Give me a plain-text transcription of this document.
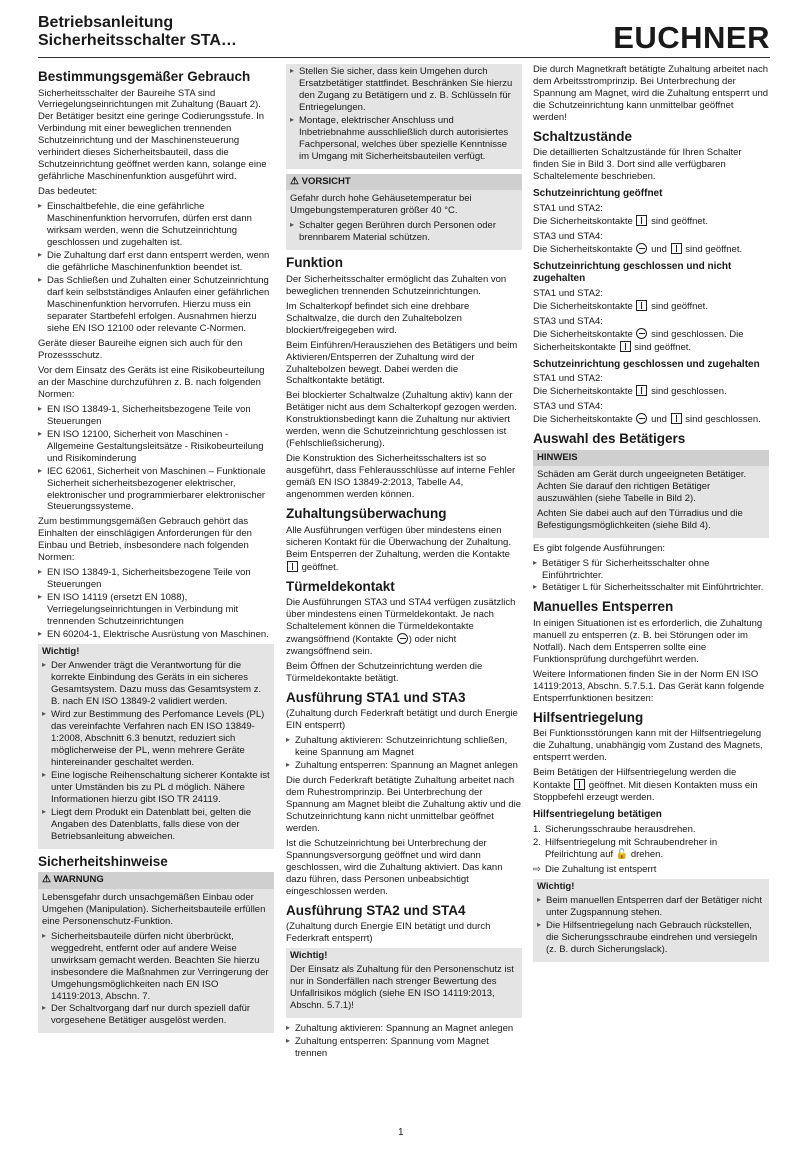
Betriebsanleitung
Sicherheitsschalter STA…	EUCHNER
Bestimmungsgemäßer Gebrauch

Sicherheitsschalter der Baureihe STA sind Verriegelungseinrichtungen mit Zuhaltung (Bauart 2). Der Betätiger besitzt eine geringe Codierungsstufe. In Verbindung mit einer beweglichen trennenden Schutzeinrichtung und der Maschinensteuerung verhindert dieses Sicherheitsbauteil, dass die Schutzeinrichtung geöffnet werden kann, solange eine gefährliche Maschinenfunktion ausgeführt wird.

Das bedeutet:

▸ Einschaltbefehle, die eine gefährliche Maschinenfunktion hervorrufen, dürfen erst dann wirksam werden, wenn die Schutzeinrichtung geschlossen und zugehalten ist.
▸ Die Zuhaltung darf erst dann entsperrt werden, wenn die gefährliche Maschinenfunktion beendet ist.
▸ Das Schließen und Zuhalten einer Schutzeinrichtung darf kein selbstständiges Anlaufen einer gefährlichen Maschinenfunktion hervorrufen. Hierzu muss ein separater Startbefehl erfolgen. Ausnahmen hierzu siehe EN ISO 12100 oder relevante C-Normen.

Geräte dieser Baureihe eignen sich auch für den Prozessschutz.

Vor dem Einsatz des Geräts ist eine Risikobeurteilung an der Maschine durchzuführen z. B. nach folgenden Normen:

▸ EN ISO 13849-1, Sicherheitsbezogene Teile von Steuerungen
▸ EN ISO 12100, Sicherheit von Maschinen - Allgemeine Gestaltungsleitsätze - Risikobeurteilung und Risikominderung
▸ IEC 62061, Sicherheit von Maschinen – Funktionale Sicherheit sicherheitsbezogener elektrischer, elektronischer und programmierbarer elektronischer Steuerungssysteme.

Zum bestimmungsgemäßen Gebrauch gehört das Einhalten der einschlägigen Anforderungen für den Einbau und Betrieb, insbesondere nach folgenden Normen:

▸ EN ISO 13849-1, Sicherheitsbezogene Teile von Steuerungen
▸ EN ISO 14119 (ersetzt EN 1088), Verriegelungseinrichtungen in Verbindung mit trennenden Schutzeinrichtungen
▸ EN 60204-1, Elektrische Ausrüstung von Maschinen.
Wichtig!
▸ Der Anwender trägt die Verantwortung für die korrekte Einbindung des Geräts in ein sicheres Gesamtsystem. Dazu muss das Gesamtsystem z. B. nach EN ISO 13849-2 validiert werden.
▸ Wird zur Bestimmung des Perfomance Levels (PL) das vereinfachte Verfahren nach EN ISO 13849-1:2008, Abschnitt 6.3 benutzt, reduziert sich möglicherweise der PL, wenn mehrere Geräte hintereinander geschaltet werden.
▸ Eine logische Reihenschaltung sicherer Kontakte ist unter Umständen bis zu PL d möglich. Nähere Informationen hierzu gibt ISO TR 24119.
▸ Liegt dem Produkt ein Datenblatt bei, gelten die Angaben des Datenblatts, falls diese von der Betriebsanleitung abweichen.
Sicherheitshinweise
⚠ WARNUNG

Lebensgefahr durch unsachgemäßen Einbau oder Umgehen (Manipulation). Sicherheitsbauteile erfüllen eine Personenschutz-Funktion.

▸ Sicherheitsbauteile dürfen nicht überbrückt, weggedreht, entfernt oder auf andere Weise unwirksam gemacht werden. Beachten Sie hierzu insbesondere die Maßnahmen zur Verringerung der Umgehungsmöglichkeiten nach EN ISO 14119:2013, Abschn. 7.
▸ Der Schaltvorgang darf nur durch speziell dafür vorgesehene Betätiger ausgelöst werden.
▸ Stellen Sie sicher, dass kein Umgehen durch Ersatzbetätiger stattfindet. Beschränken Sie hierzu den Zugang zu Betätigern und z. B. Schlüsseln für Entriegelungen.
▸ Montage, elektrischer Anschluss und Inbetriebnahme ausschließlich durch autorisiertes Fachpersonal, welches über spezielle Kenntnisse im Umgang mit Sicherheitsbauteilen verfügt.
⚠ VORSICHT

Gefahr durch hohe Gehäusetemperatur bei Umgebungstemperaturen größer 40 °C.

▸ Schalter gegen Berühren durch Personen oder brennbarem Material schützen.
Funktion

Der Sicherheitsschalter ermöglicht das Zuhalten von beweglichen trennenden Schutzeinrichtungen.

Im Schalterkopf befindet sich eine drehbare Schaltwalze, die durch den Zuhaltebolzen blockiert/freigegeben wird.

Beim Einführen/Herausziehen des Betätigers und beim Aktivieren/Entsperren der Zuhaltung wird der Zuhaltebolzen bewegt. Dabei werden die Schaltkontakte betätigt.

Bei blockierter Schaltwalze (Zuhaltung aktiv) kann der Betätiger nicht aus dem Schalterkopf gezogen werden. Konstruktionsbedingt kann die Zuhaltung nur aktiviert werden, wenn die Schutzeinrichtung geschlossen ist (Fehlschließsicherung).

Die Konstruktion des Sicherheitsschalters ist so ausgeführt, dass Fehlerausschlüsse auf interne Fehler gemäß EN ISO 13849-2:2013, Tabelle A4, angenommen werden können.

Zuhaltungsüberwachung

Alle Ausführungen verfügen über mindestens einen sicheren Kontakt für die Überwachung der Zuhaltung. Beim Entsperren der Zuhaltung, werden die Kontakte  geöffnet.

Türmeldekontakt

Die Ausführungen STA3 und STA4 verfügen zusätzlich über mindestens einen Türmeldekontakt. Je nach Schaltelement können die Türmeldekontakte zwangsöffnend (Kontakte ) oder nicht zwangsöffnend sein.

Beim Öffnen der Schutzeinrichtung werden die Türmeldekontakte betätigt.

Ausführung STA1 und STA3

(Zuhaltung durch Federkraft betätigt und durch Energie EIN entsperrt)

▸ Zuhaltung aktivieren: Schutzeinrichtung schließen, keine Spannung am Magnet
▸ Zuhaltung entsperren: Spannung an Magnet anlegen

Die durch Federkraft betätigte Zuhaltung arbeitet nach dem Ruhestromprinzip. Bei Unterbrechung der Spannung am Magnet bleibt die Zuhaltung aktiv und die Schutzeinrichtung kann nicht unmittelbar geöffnet werden.

Ist die Schutzeinrichtung bei Unterbrechung der Spannungsversorgung geöffnet und wird dann geschlossen, wird die Zuhaltung aktiviert. Das kann dazu führen, dass Personen unbeabsichtigt eingeschlossen werden.

Ausführung STA2 und STA4

(Zuhaltung durch Energie EIN betätigt und durch Federkraft entsperrt)

Wichtig!

Der Einsatz als Zuhaltung für den Personenschutz ist nur in Sonderfällen nach strenger Bewertung des Unfallrisikos möglich (siehe EN ISO 14119:2013, Abschn. 5.7.1)!

▸ Zuhaltung aktivieren: Spannung an Magnet anlegen
▸ Zuhaltung entsperren: Spannung vom Magnet trennen

Die durch Magnetkraft betätigte Zuhaltung arbeitet nach dem Arbeitsstromprinzip. Bei Unterbrechung der Spannung am Magnet, wird die Zuhaltung entsperrt und die Schutzeinrichtung kann unmittelbar geöffnet werden!

Schaltzustände

Die detaillierten Schaltzustände für Ihren Schalter finden Sie in Bild 3. Dort sind alle verfügbaren Schaltelemente beschrieben.

Schutzeinrichtung geöffnet

STA1 und STA2:
Die Sicherheitskontakte sind geöffnet.

STA3 und STA4:
Die Sicherheitskontakte und sind geöffnet.

Schutzeinrichtung geschlossen und nicht zugehalten

STA1 und STA2:
Die Sicherheitskontakte sind geöffnet.

STA3 und STA4:
Die Sicherheitskontakte sind geschlossen. Die Sicherheitskontakte sind geöffnet.

Schutzeinrichtung geschlossen und zugehalten

STA1 und STA2:
Die Sicherheitskontakte sind geschlossen.

STA3 und STA4:
Die Sicherheitskontakte und sind geschlossen.

Auswahl des Betätigers
HINWEIS

Schäden am Gerät durch ungeeigneten Betätiger. Achten Sie darauf den richtigen Betätiger auszuwählen (siehe Tabelle in Bild 2).

Achten Sie dabei auch auf den Türradius und die Befestigungsmöglichkeiten (siehe Bild 4).

Es gibt folgende Ausführungen:

▸ Betätiger S für Sicherheitsschalter ohne Einführtrichter.
▸ Betätiger L für Sicherheitsschalter mit Einführtrichter.
Manuelles Entsperren

In einigen Situationen ist es erforderlich, die Zuhaltung manuell zu entsperren (z. B. bei Störungen oder im Notfall). Nach dem Entsperren sollte eine Funktionsprüfung durchgeführt werden.

Weitere Informationen finden Sie in der Norm EN ISO 14119:2013, Abschn. 5.7.5.1. Das Gerät kann folgende Entsperrfunktionen besitzen:

Hilfsentriegelung

Bei Funktionsstörungen kann mit der Hilfsentriegelung die Zuhaltung, unabhängig vom Zustand des Magnets, entsperrt werden.

Beim Betätigen der Hilfsentriegelung werden die Kontakte geöffnet. Mit diesen Kontakten muss ein Stoppbefehl erzeugt werden.

Hilfsentriegelung betätigen
1. Sicherungsschraube herausdrehen.
2. Hilfsentriegelung mit Schraubendreher in Pfeilrichtung auf 🔓 drehen.
⇨ Die Zuhaltung ist entsperrt
Wichtig!
▸ Beim manuellen Entsperren darf der Betätiger nicht unter Zugspannung stehen.
▸ Die Hilfsentriegelung nach Gebrauch rückstellen, die Sicherungsschraube eindrehen und versiegeln (z. B. durch Sicherungslack).
1
